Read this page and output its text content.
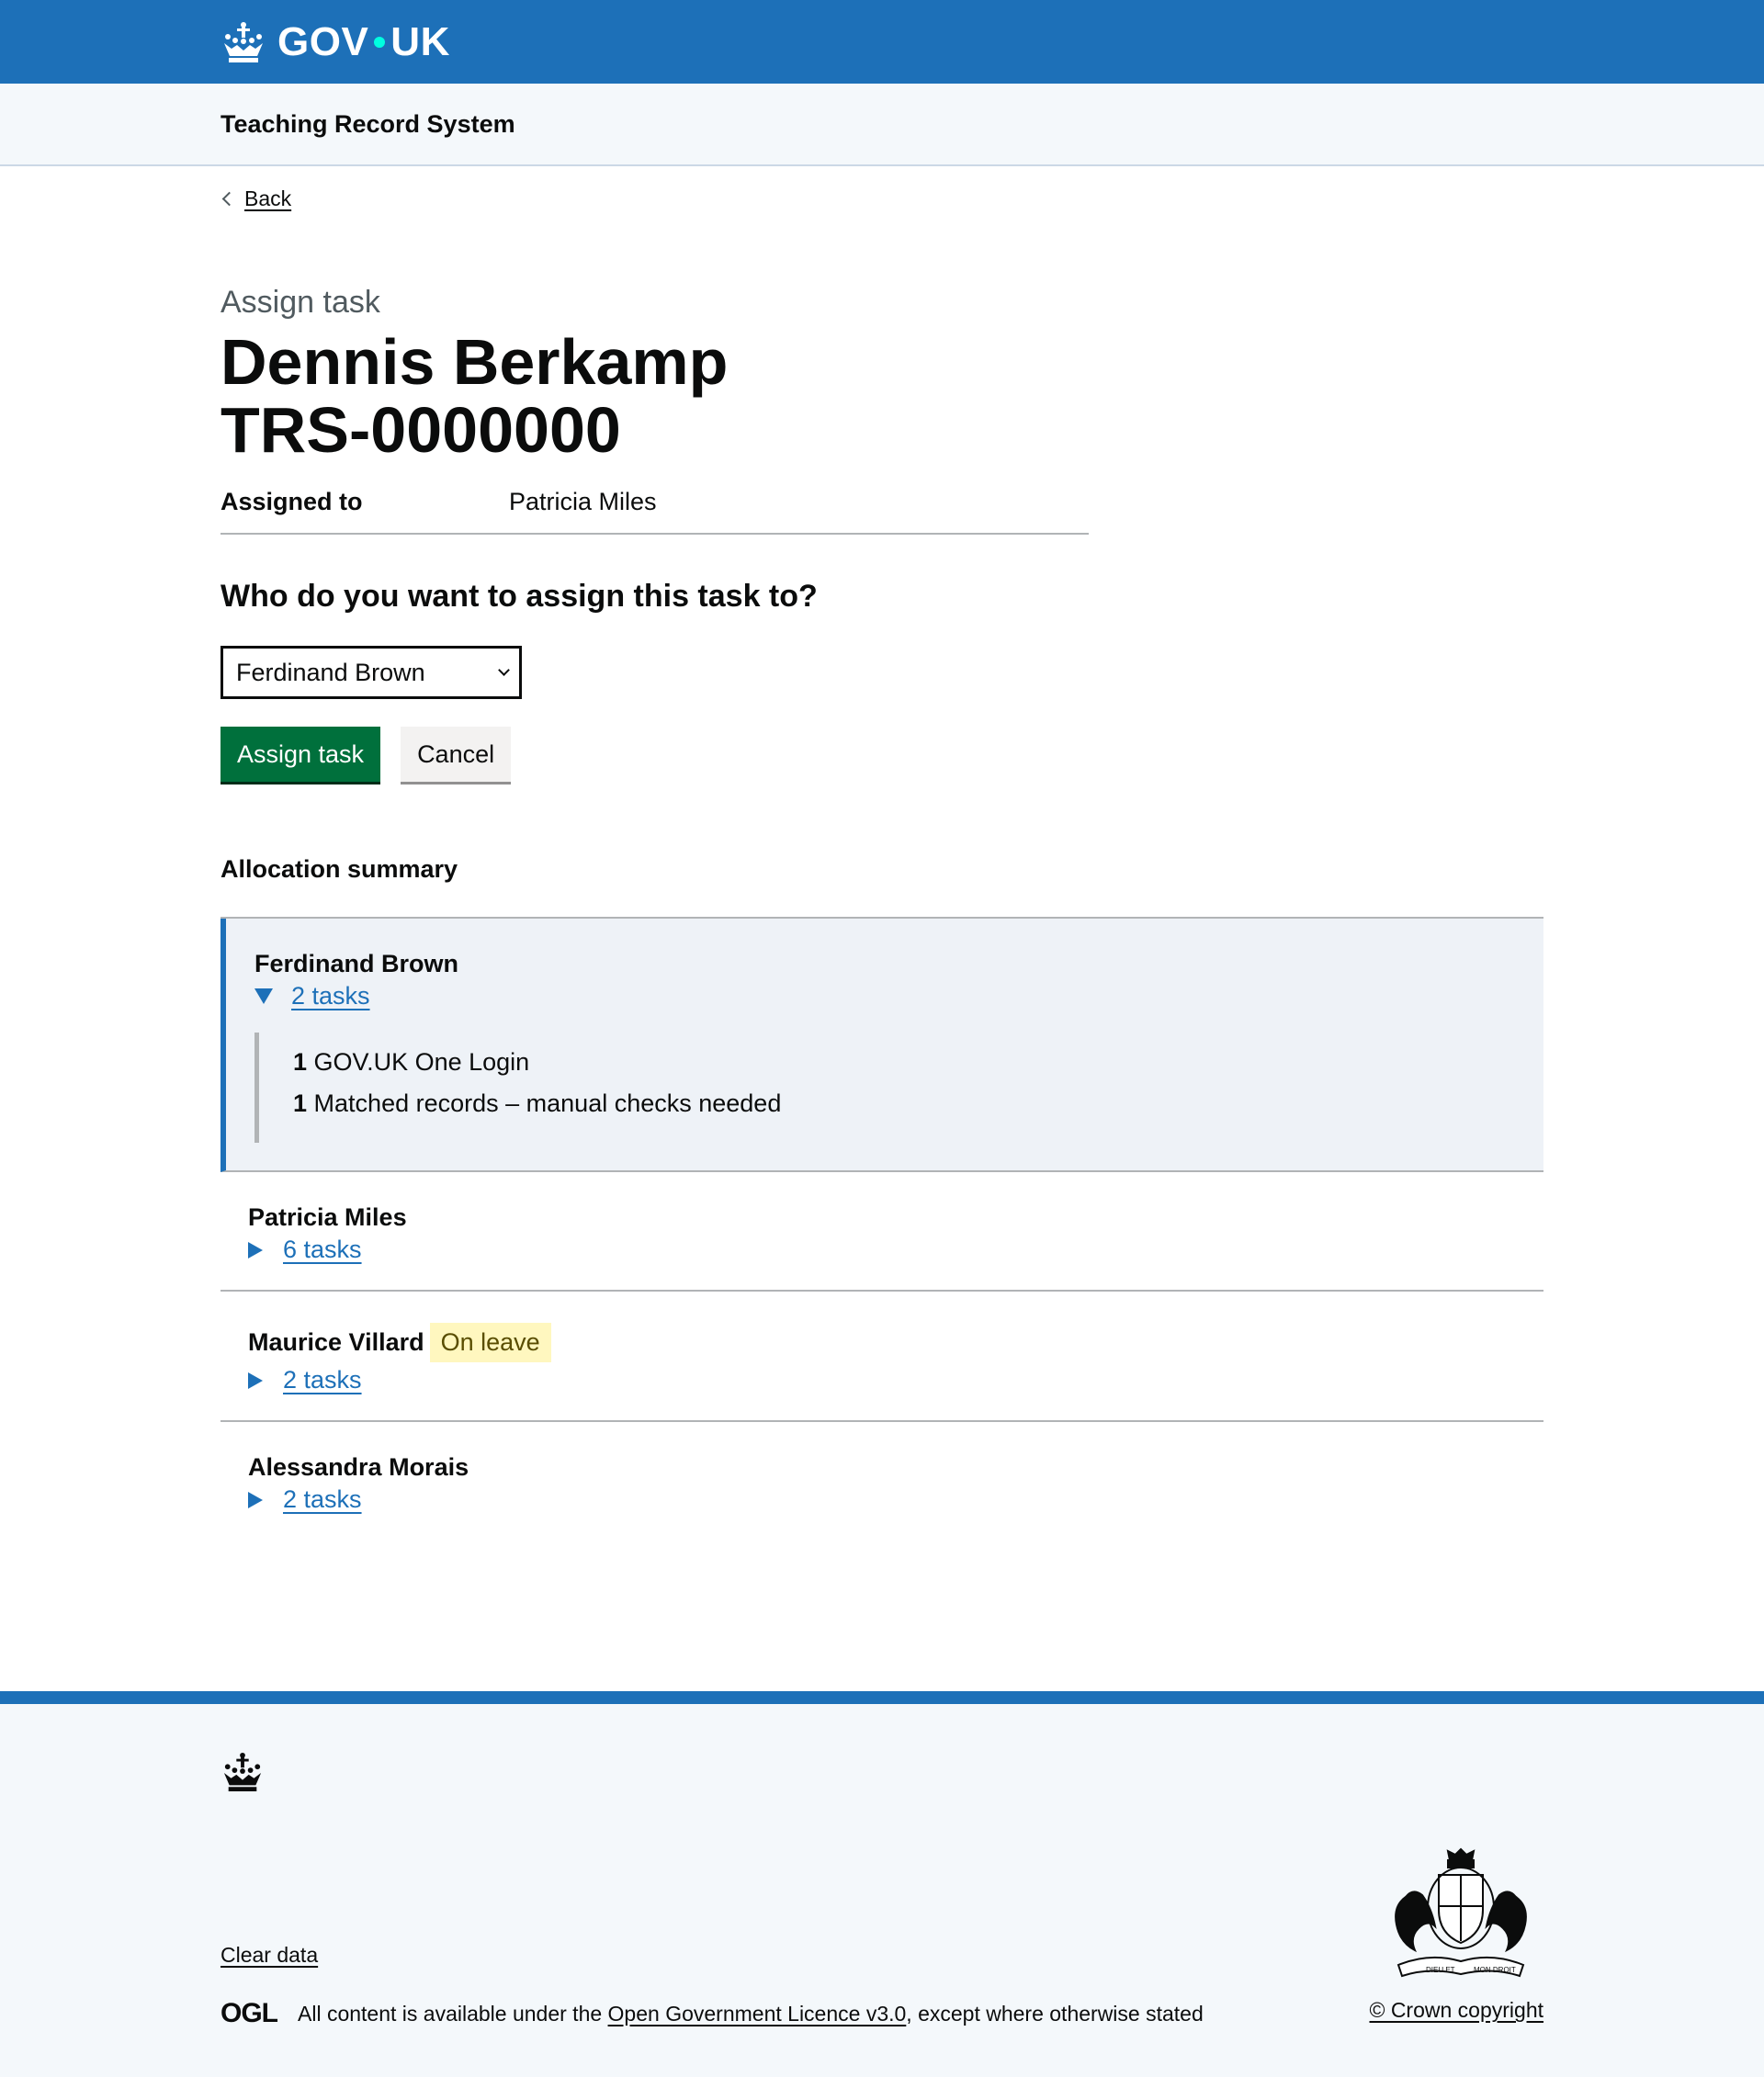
GOV UK
Teaching Record System
Back
Assign task
Dennis Berkamp
TRS-0000000
Assigned to	Patricia Miles
Who do you want to assign this task to?
Ferdinand Brown
Assign task	Cancel
Allocation summary
Ferdinand Brown
2 tasks
1 GOV.UK One Login
1 Matched records – manual checks needed
Patricia Miles
6 tasks
Maurice Villard On leave
2 tasks
Alessandra Morais
2 tasks
Clear data
OGL All content is available under the
Open Government Licence v3.0 , except where otherwise stated
DIEU ET	MON DROIT
© Crown copyright
